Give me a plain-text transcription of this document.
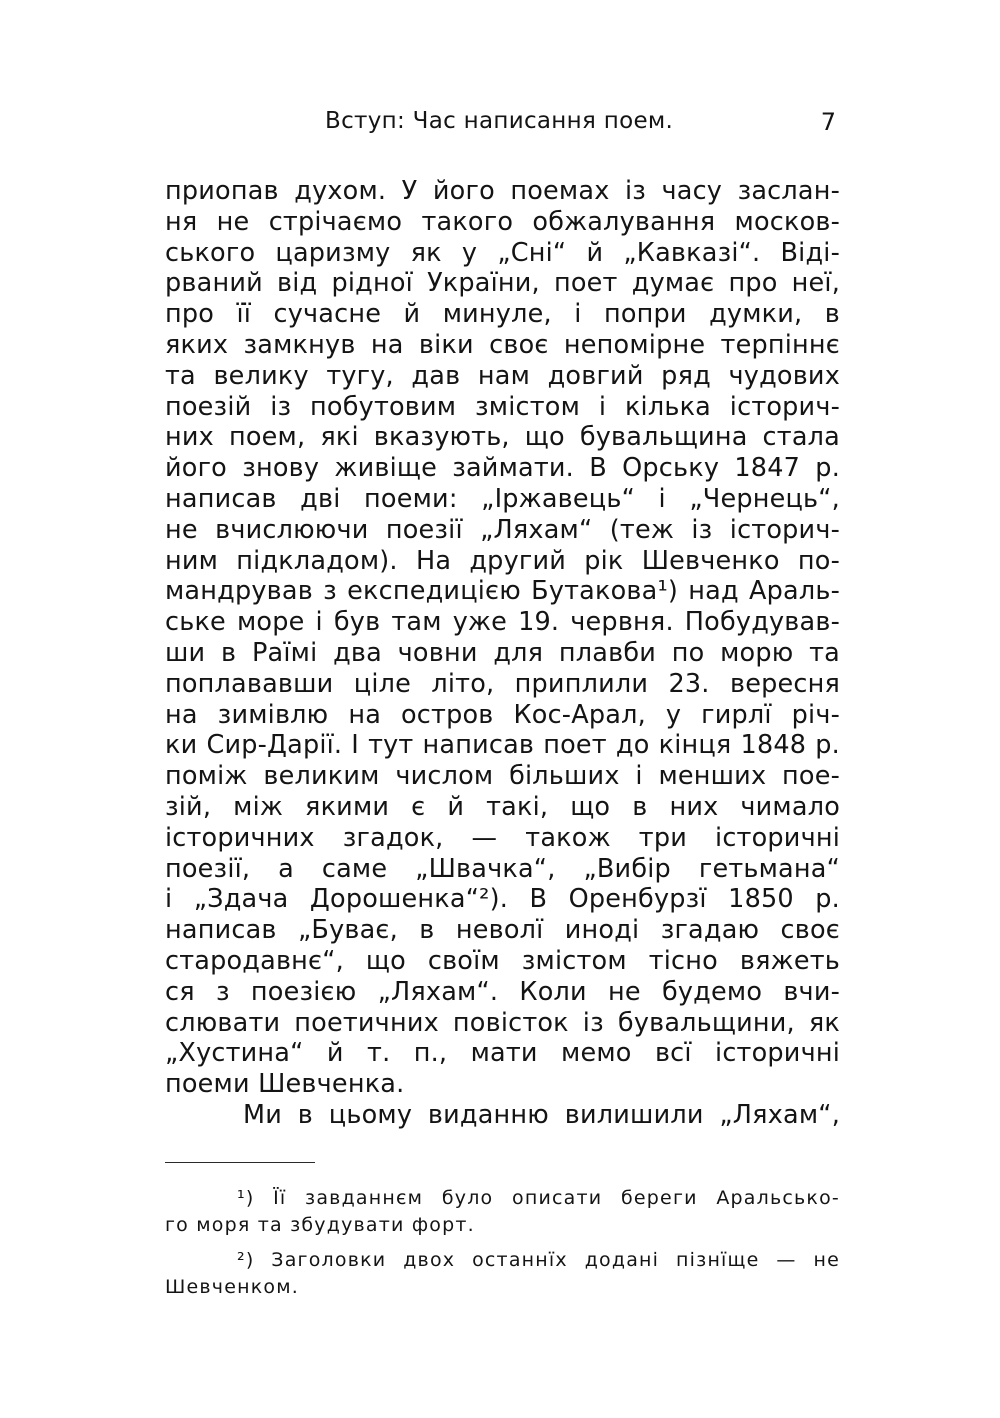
Вступ: Час написання поем.	7
приопав духом. У його поемах із часу заслан-
ня не стрічаємо такого обжалування москов-
ського царизму як у „Сні“ й „Кавказі“. Віді-
рваний від рідної України, поет думає про неї,
про її сучасне й минуле, і попри думки, в
яких замкнув на віки своє непомірне терпіннє
та велику тугу, дав нам довгий ряд чудових
поезій із побутовим змістом і кілька історич-
них поем, які вказують, що бувальщина стала
його знову живіще займати. В Орську 1847 р.
написав дві поеми: „Іржавець“ і „Чернець“,
не вчислюючи поезії „Ляхам“ (теж із історич-
ним підкладом). На другий рік Шевченко по-
мандрував з експедицією Бутакова¹) над Араль-
ське море і був там уже 19. червня. Побудував-
ши в Раїмі два човни для плавби по морю та
поплававши ціле літо, приплили 23. вересня
на зимівлю на остров Кос-Арал, у гирлї річ-
ки Сир-Дарії. І тут написав поет до кінця 1848 р.
поміж великим числом більших і менших поe-
зій, між якими є й такі, що в них чимало
історичних згадок, — також три історичні
поезії, а саме „Швачка“, „Вибір гетьмана“
і „Здача Дорошенка“²). В Оренбурзї 1850 р.
написав „Буває, в неволї иноді згадаю своє
стародавнє“, що своїм змістом тісно вяжеть
ся з поезією „Ляхам“. Коли не будемо вчи-
слювати поетичних повісток із бувальщини, як
„Хустина“ й т. п., мати мемо всї історичні
поеми Шевченка.
Ми в цьому виданню вилишили „Ляхам“,
¹) Її завданнєм було описати береги Аральсько-
го моря та збудувати форт.
²) Заголовки двох останнїх додані пізнїще — не
Шевченком.
